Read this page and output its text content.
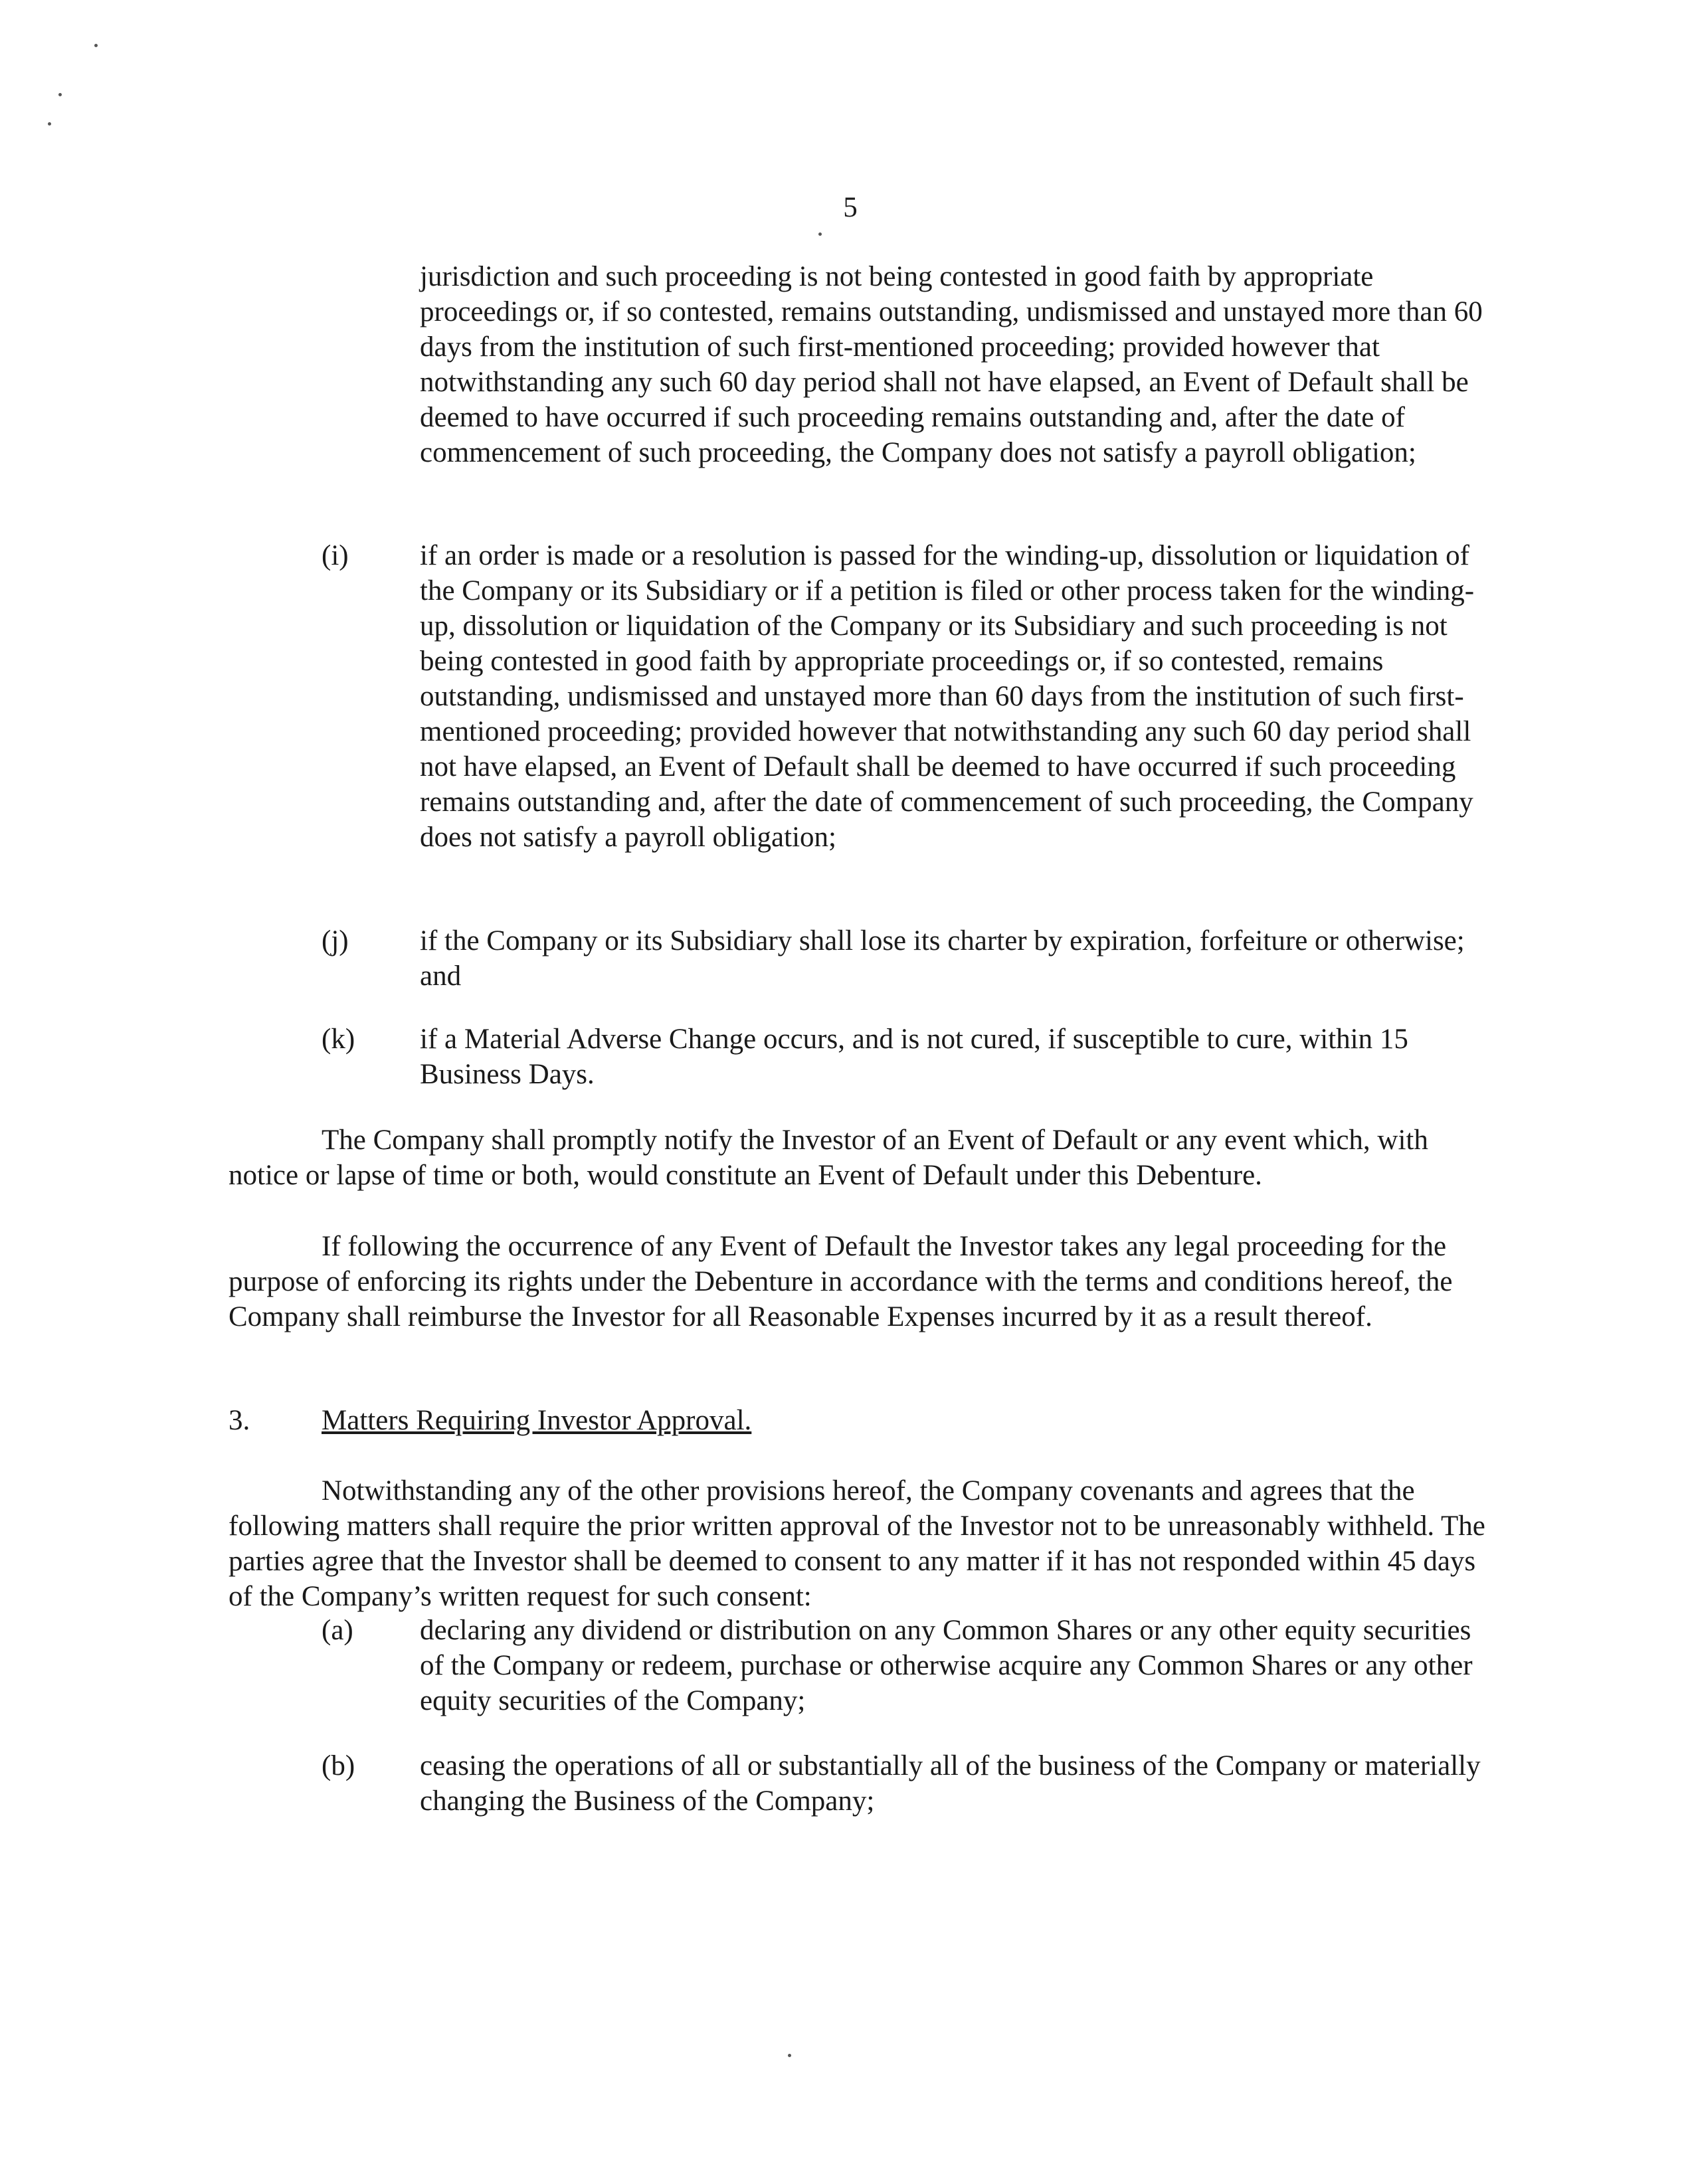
5

jurisdiction and such proceeding is not being contested in good faith by appropriate proceedings or, if so contested, remains outstanding, undismissed and unstayed more than 60 days from the institution of such first-mentioned proceeding; provided however that notwithstanding any such 60 day period shall not have elapsed, an Event of Default shall be deemed to have occurred if such proceeding remains outstanding and, after the date of commencement of such proceeding, the Company does not satisfy a payroll obligation;

(i)	if an order is made or a resolution is passed for the winding-up, dissolution or liquidation of the Company or its Subsidiary or if a petition is filed or other process taken for the winding-up, dissolution or liquidation of the Company or its Subsidiary and such proceeding is not being contested in good faith by appropriate proceedings or, if so contested, remains outstanding, undismissed and unstayed more than 60 days from the institution of such first-mentioned proceeding; provided however that notwithstanding any such 60 day period shall not have elapsed, an Event of Default shall be deemed to have occurred if such proceeding remains outstanding and, after the date of commencement of such proceeding, the Company does not satisfy a payroll obligation;
(j)	if the Company or its Subsidiary shall lose its charter by expiration, forfeiture or otherwise; and
(k)	if a Material Adverse Change occurs, and is not cured, if susceptible to cure, within 15 Business Days.

The Company shall promptly notify the Investor of an Event of Default or any event which, with notice or lapse of time or both, would constitute an Event of Default under this Debenture.

If following the occurrence of any Event of Default the Investor takes any legal proceeding for the purpose of enforcing its rights under the Debenture in accordance with the terms and conditions hereof, the Company shall reimburse the Investor for all Reasonable Expenses incurred by it as a result thereof.

3.	Matters Requiring Investor Approval.

Notwithstanding any of the other provisions hereof, the Company covenants and agrees that the following matters shall require the prior written approval of the Investor not to be unreasonably withheld. The parties agree that the Investor shall be deemed to consent to any matter if it has not responded within 45 days of the Company’s written request for such consent:

(a)	declaring any dividend or distribution on any Common Shares or any other equity securities of the Company or redeem, purchase or otherwise acquire any Common Shares or any other equity securities of the Company;
(b)	ceasing the operations of all or substantially all of the business of the Company or materially changing the Business of the Company;
